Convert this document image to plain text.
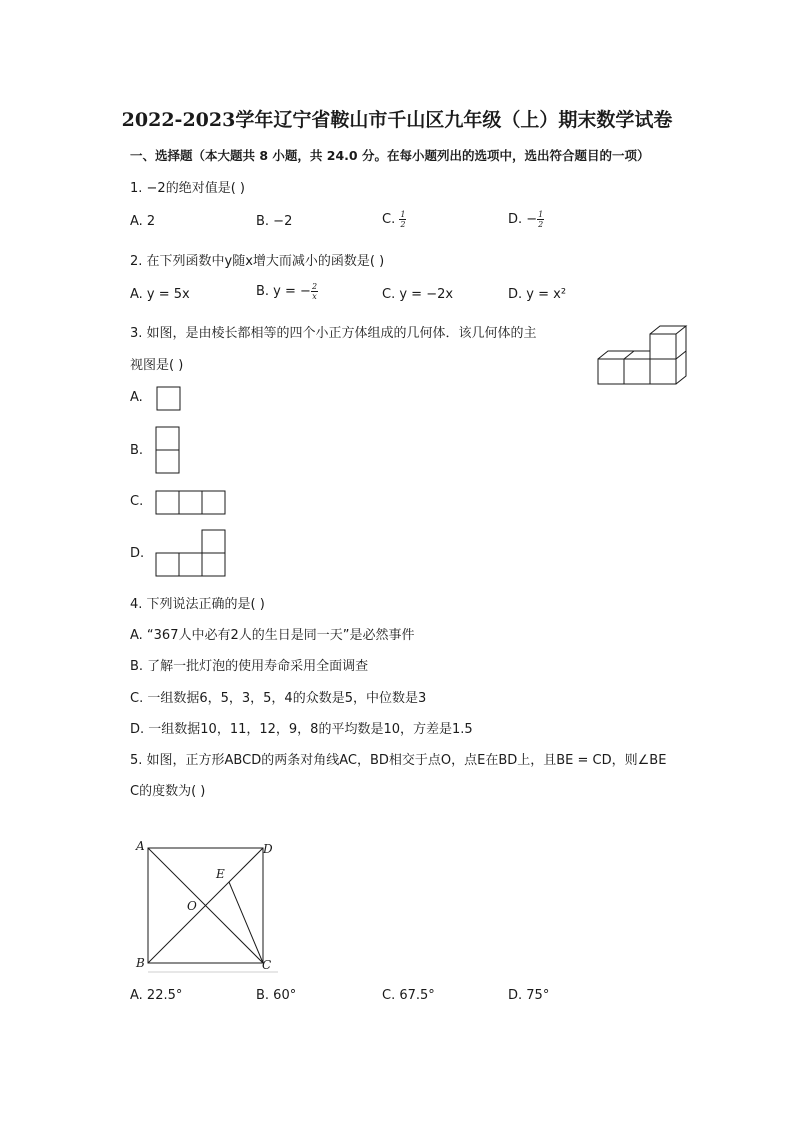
2022-2023学年辽宁省鞍山市千山区九年级（上）期末数学试卷
一、选择题（本大题共 8 小题，共 24.0 分。在每小题列出的选项中，选出符合题目的一项）
1. −2的绝对值是( )
A. 2	B. −2	C. $\frac{1}{2}$	D. − $\frac{1}{2}$
2. 在下列函数中y随x增大而减小的函数是( )
A. y = 5x	B. y = − $\frac{2}{x}$	C. y = −2x	D. y = x²
3. 如图，是由棱长都相等的四个小正方体组成的几何体．该几何体的主
视图是( )
A.
B.
C.
D.
4. 下列说法正确的是( )
A. “367人中必有2人的生日是同一天”是必然事件
B. 了解一批灯泡的使用寿命采用全面调查
C. 一组数据6，5，3，5，4的众数是5，中位数是3
D. 一组数据10，11，12，9，8的平均数是10，方差是1.5
5. 如图，正方形ABCD的两条对角线AC，BD相交于点O，点E在BD上，且BE = CD，则∠BE
C的度数为( )
A	D
B	C
E
O
A. 22.5°	B. 60°	C. 67.5°	D. 75°
